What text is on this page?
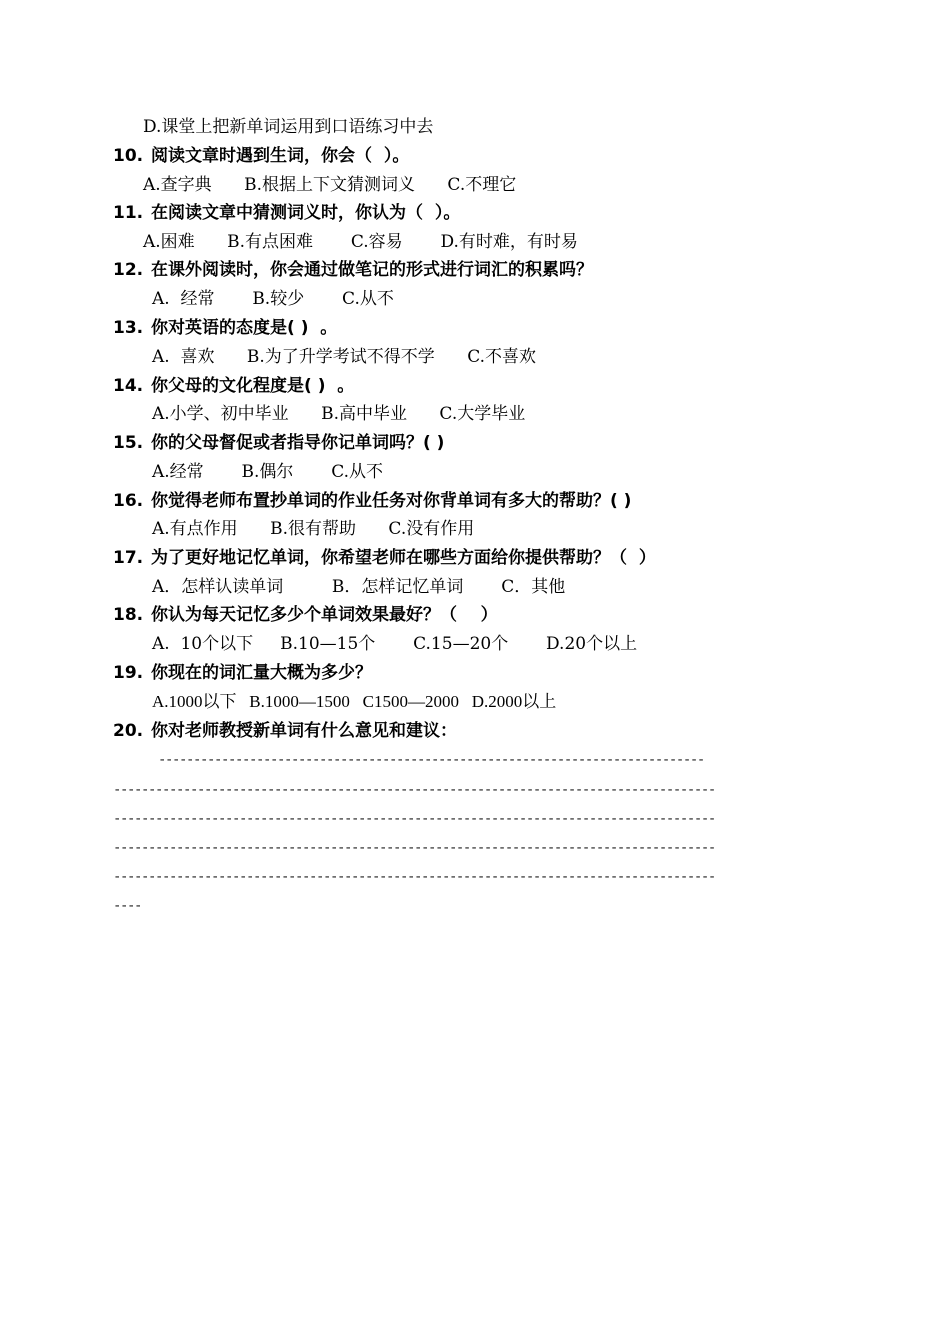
D.课堂上把新单词运用到口语练习中去
10. 阅读文章时遇到生词，你会（  ）。
A.查字典      B.根据上下文猜测词义      C.不理它
11. 在阅读文章中猜测词义时，你认为（  ）。
A.困难      B.有点困难       C.容易       D.有时难，有时易
12. 在课外阅读时，你会通过做笔记的形式进行词汇的积累吗？
A.  经常       B.较少       C.从不
13. 你对英语的态度是( )  。
A.  喜欢      B.为了升学考试不得不学      C.不喜欢
14. 你父母的文化程度是( )  。
A.小学、初中毕业      B.高中毕业      C.大学毕业
15. 你的父母督促或者指导你记单词吗？( )
A.经常       B.偶尔       C.从不
16. 你觉得老师布置抄单词的作业任务对你背单词有多大的帮助？( )
A.有点作用      B.很有帮助      C.没有作用
17. 为了更好地记忆单词，你希望老师在哪些方面给你提供帮助？（  ）
A．怎样认读单词         B．怎样记忆单词       C．其他
18. 你认为每天记忆多少个单词效果最好？（    ）
A.  10个以下     B.10—15个       C.15—20个       D.20个以上
19. 你现在的词汇量大概为多少？
A.1000以下   B.1000—1500   C1500—2000   D.2000以上
20. 你对老师教授新单词有什么意见和建议：
------------------------------------------------------------------------------
--------------------------------------------------------------------------------------
--------------------------------------------------------------------------------------
--------------------------------------------------------------------------------------
--------------------------------------------------------------------------------------
----
